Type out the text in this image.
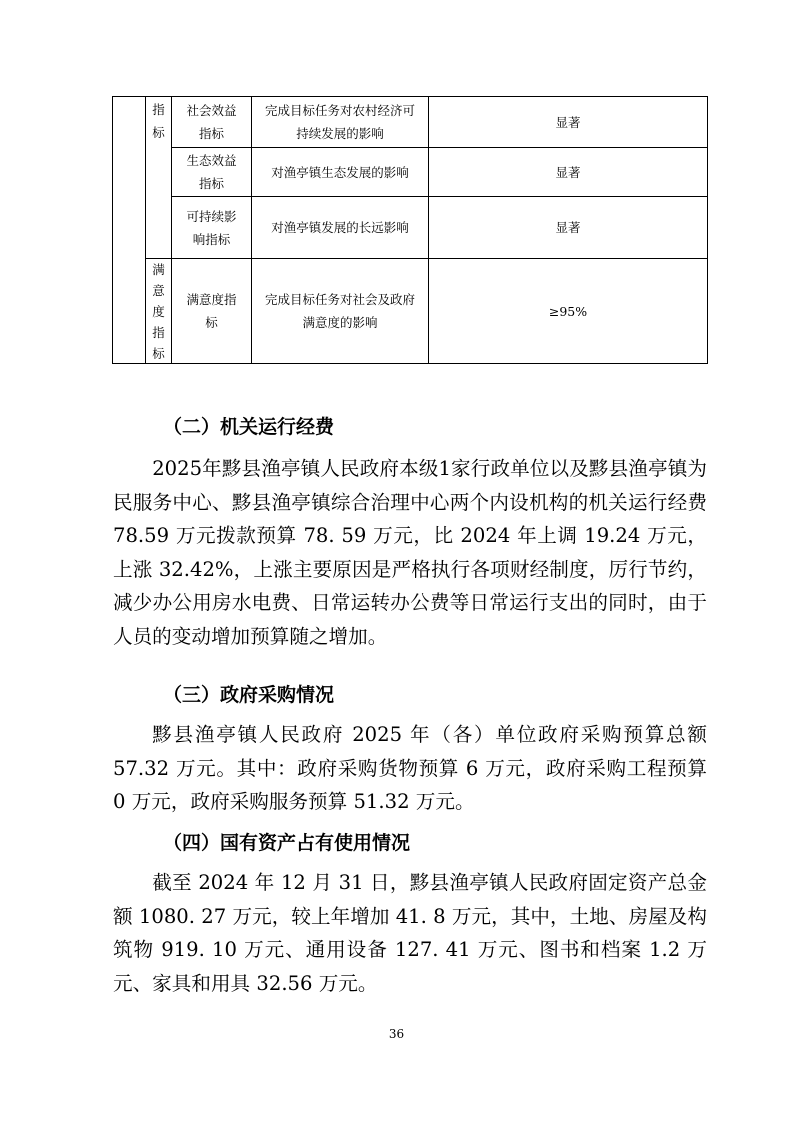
指标
满意度指标
社会效益
指标
完成目标任务对农村经济可
持续发展的影响
显著
生态效益
指标
对渔亭镇生态发展的影响	显著
可持续影
响指标
对渔亭镇发展的长远影响	显著
满意度指
标
完成目标任务对社会及政府
满意度的影响
≥95%
（二）机关运行经费

2025年黟县渔亭镇人民政府本级1家行政单位以及黟县渔亭镇为民服务中心、黟县渔亭镇综合治理中心两个内设机构的机关运行经费 78.59 万元拨款预算 78. 59 万元，比 2024 年上调 19.24 万元，上涨 32.42%，上涨主要原因是严格执行各项财经制度，厉行节约，减少办公用房水电费、日常运转办公费等日常运行支出的同时，由于人员的变动增加预算随之增加。

（三）政府采购情况

黟县渔亭镇人民政府 2025 年（各）单位政府采购预算总额 57.32 万元。其中：政府采购货物预算 6 万元，政府采购工程预算 0 万元，政府采购服务预算 51.32 万元。

（四）国有资产占有使用情况

截至 2024 年 12 月 31 日，黟县渔亭镇人民政府固定资产总金额 1080. 27 万元，较上年增加 41. 8 万元，其中，土地、房屋及构筑物 919. 10 万元、通用设备 127. 41 万元、图书和档案 1.2 万元、家具和用具 32.56 万元。

36
